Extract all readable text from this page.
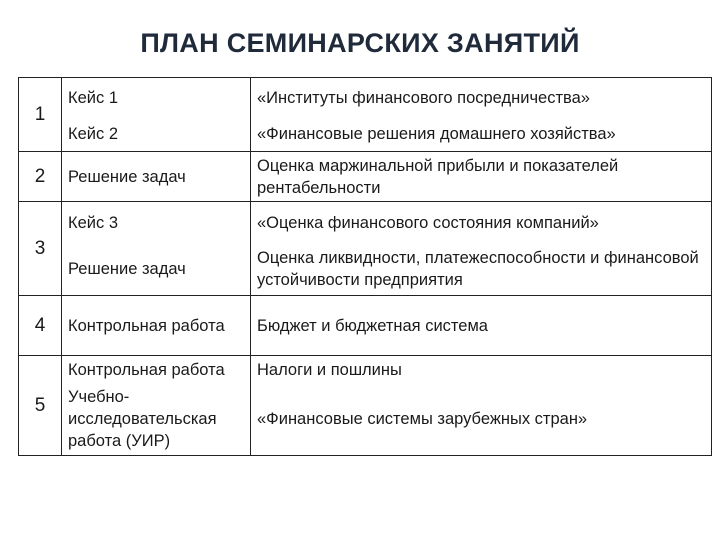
ПЛАН СЕМИНАРСКИХ ЗАНЯТИЙ
1	Кейс 1	«Институты финансового посредничества»
	Кейс 2	«Финансовые решения домашнего хозяйства»
2	Решение задач	Оценка маржинальной прибыли и показателей рентабельности
3	Кейс 3	«Оценка финансового состояния компаний»
	Решение задач	Оценка ликвидности, платежеспособности и финансовой устойчивости предприятия
4	Контрольная работа	Бюджет и бюджетная система
5	Контрольная работа	Налоги и пошлины
	Учебно-исследовательская работа (УИР)	«Финансовые системы зарубежных стран»
